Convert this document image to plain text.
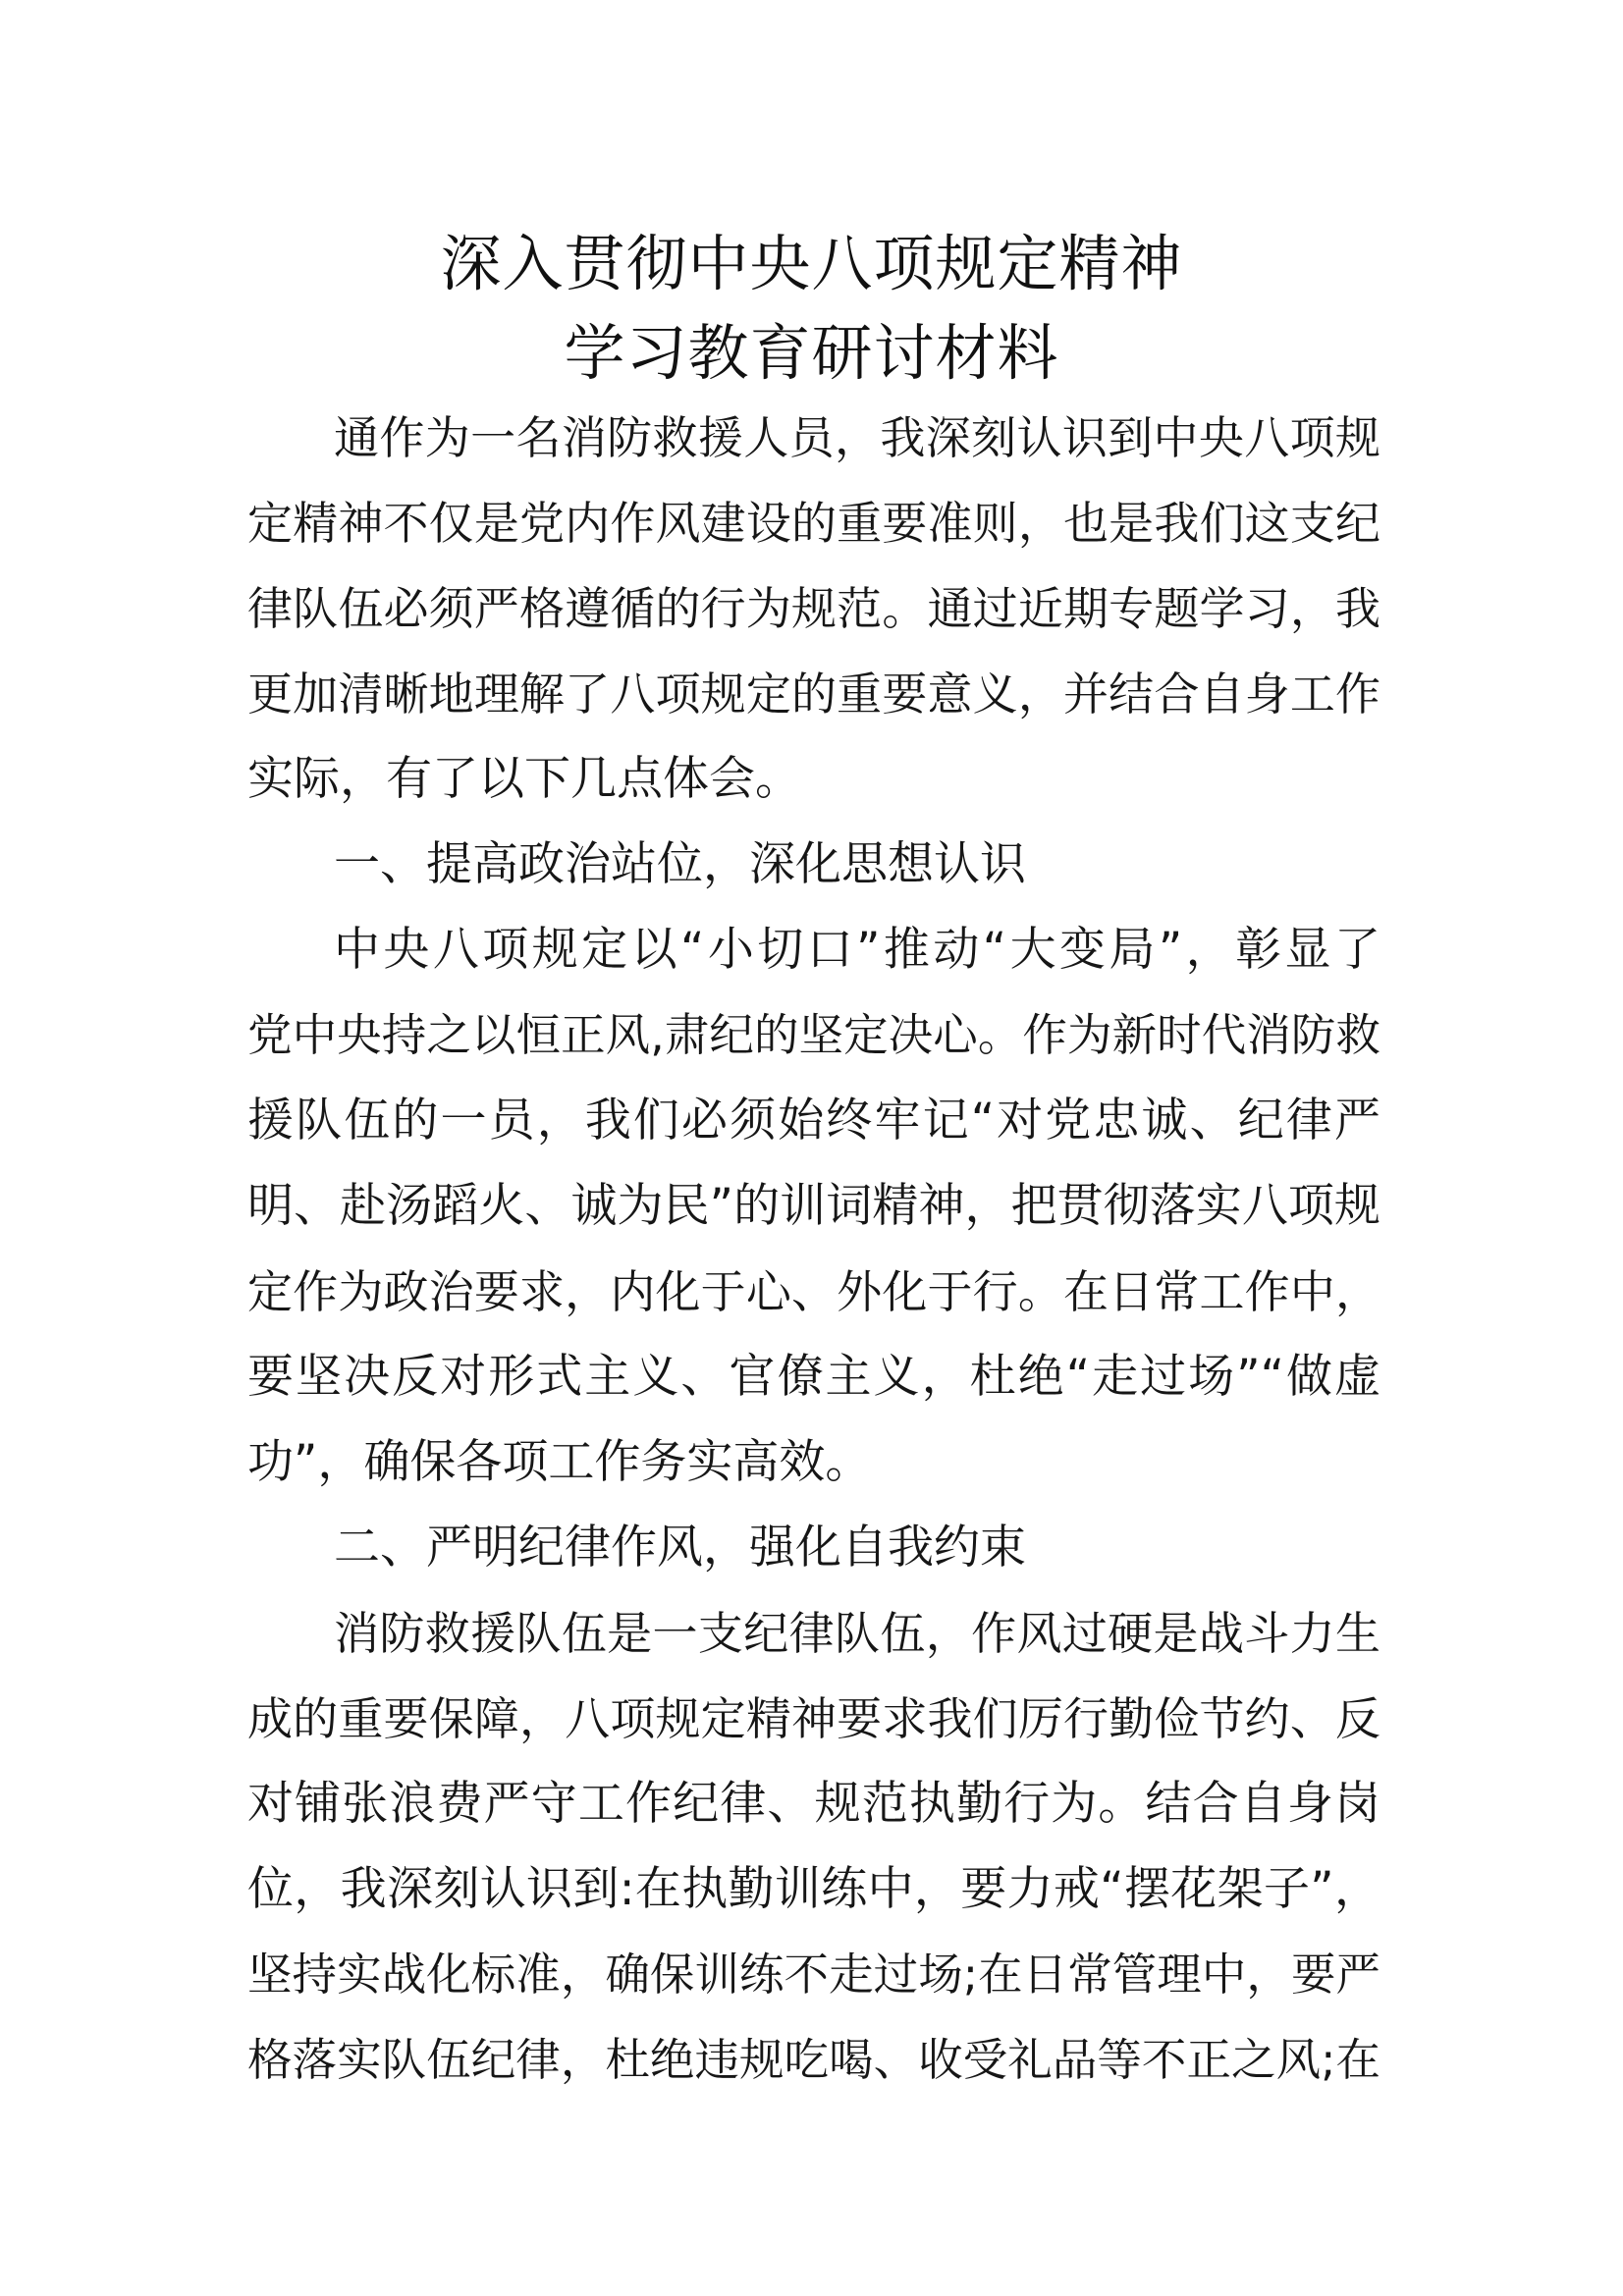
深入贯彻中央八项规定精神
学习教育研讨材料
通作为一名消防救援人员，我深刻认识到中央八项规
定精神不仅是党内作风建设的重要准则，也是我们这支纪
律队伍必须严格遵循的行为规范。通过近期专题学习，我
更加清晰地理解了八项规定的重要意义，并结合自身工作
实际，有了以下几点体会。
一、提高政治站位，深化思想认识
中央八项规定以“小切口”推动“大变局”，彰显了
党中央持之以恒正风,肃纪的坚定决心。作为新时代消防救
援队伍的一员，我们必须始终牢记“对党忠诚、纪律严
明、赴汤蹈火、诚为民”的训词精神，把贯彻落实八项规
定作为政治要求，内化于心、外化于行。在日常工作中，
要坚决反对形式主义、官僚主义，杜绝“走过场”“做虚
功”，确保各项工作务实高效。
二、严明纪律作风，强化自我约束
消防救援队伍是一支纪律队伍，作风过硬是战斗力生
成的重要保障，八项规定精神要求我们厉行勤俭节约、反
对铺张浪费严守工作纪律、规范执勤行为。结合自身岗
位，我深刻认识到:在执勤训练中，要力戒“摆花架子”，
坚持实战化标准，确保训练不走过场;在日常管理中，要严
格落实队伍纪律，杜绝违规吃喝、收受礼品等不正之风;在
